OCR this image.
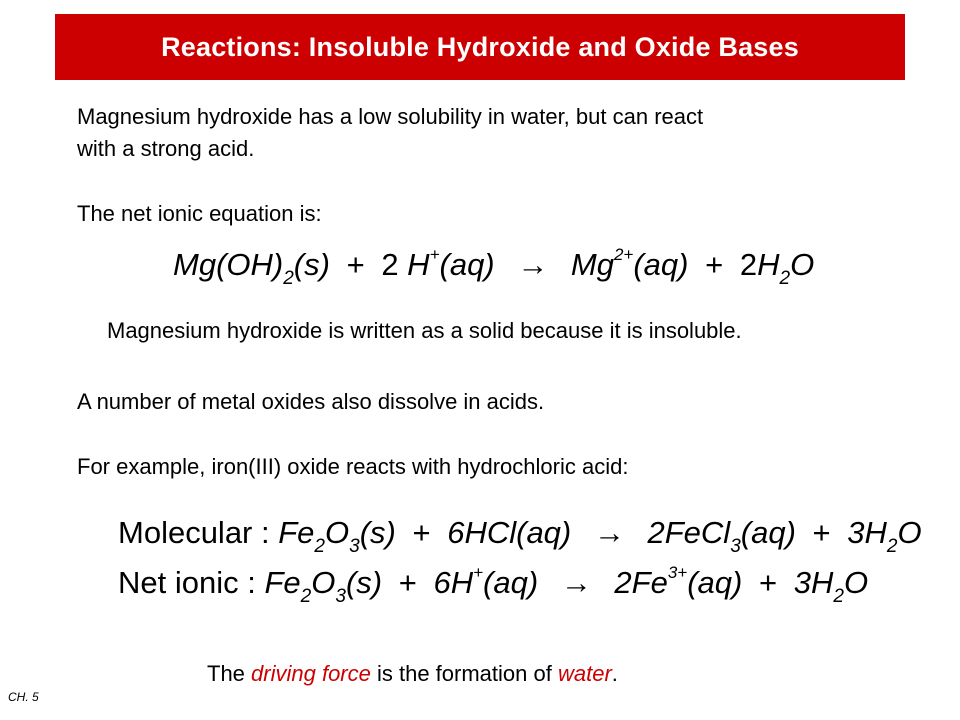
Reactions: Insoluble Hydroxide and Oxide Bases
Magnesium hydroxide has a low solubility in water, but can react
with a strong acid.
The net ionic equation is:
$Mg(OH)_2(s) + 2$ $H^+(aq) \to Mg^{2+}(aq) + 2H_2O$
Magnesium hydroxide is written as a solid because it is insoluble.
A number of metal oxides also dissolve in acids.
For example, iron(III) oxide reacts with hydrochloric acid:
Molecular : $Fe_2O_3(s) + 6HCl(aq)$ → 2FeCl$_3$(aq) + $3H_2O$
Net ionic : $Fe_2O_3(s) + 6H^+(aq) \to 2Fe^{3+}(aq) + 3H_2O$
The driving force is the formation of water.
CH. 5
